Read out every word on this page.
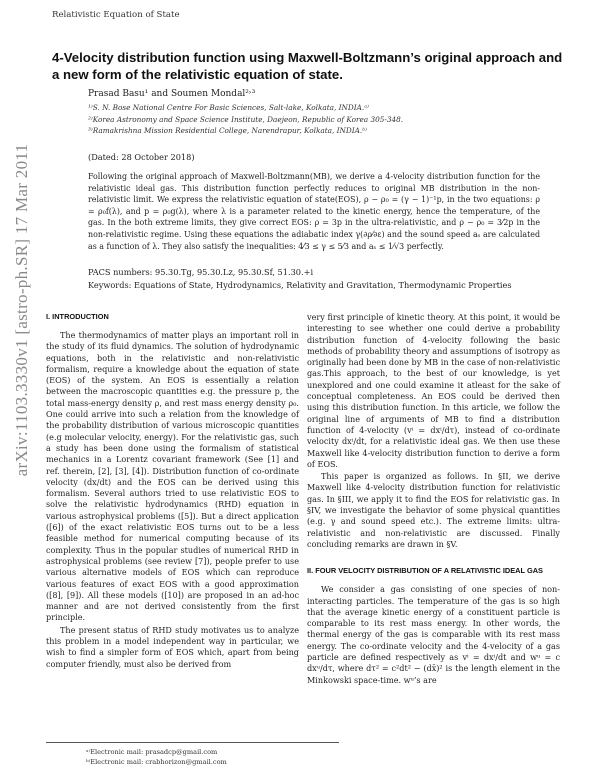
Relativistic Equation of State
arXiv:1103.3330v1 [astro-ph.SR] 17 Mar 2011
4-Velocity distribution function using Maxwell-Boltzmann’s original approach and a new form of the relativistic equation of state.
Prasad Basu¹ and Soumen Mondal²˒³
¹⁾S. N. Bose National Centre For Basic Sciences, Salt-lake, Kolkata, INDIA.ᵃ⁾
²⁾Korea Astronomy and Space Science Institute, Daejeon, Republic of Korea 305-348.
³⁾Ramakrishna Mission Residential College, Narendrapur, Kolkata, INDIA.ᵇ⁾
(Dated: 28 October 2018)

Following the original approach of Maxwell-Boltzmann(MB), we derive a 4-velocity distribution function for the relativistic ideal gas. This distribution function perfectly reduces to original MB distribution in the non-relativistic limit. We express the relativistic equation of state(EOS), ρ − ρ₀ = (γ − 1)⁻¹p, in the two equations: ρ = ρ₀f(λ), and p = ρ₀g(λ), where λ is a parameter related to the kinetic energy, hence the temperature, of the gas. In the both extreme limits, they give correct EOS: ρ = 3p in the ultra-relativistic, and ρ − ρ₀ = 3⁄2p in the non-relativistic regime. Using these equations the adiabatic index γ(∂ρ⁄∂ε) and the sound speed aₛ are calculated as a function of λ. They also satisfy the inequalities: 4⁄3 ≤ γ ≤ 5⁄3 and aₛ ≤ 1⁄√3 perfectly.

PACS numbers: 95.30.Tg, 95.30.Lz, 95.30.Sf, 51.30.+i
Keywords: Equations of State, Hydrodynamics, Relativity and Gravitation, Thermodynamic Properties
I. INTRODUCTION

The thermodynamics of matter plays an important roll in the study of its fluid dynamics. The solution of hydrodynamic equations, both in the relativistic and non-relativistic formalism, require a knowledge about the equation of state (EOS) of the system. An EOS is essentially a relation between the macroscopic quantities e.g. the pressure p, the total mass-energy density ρ, and rest mass energy density ρ₀. One could arrive into such a relation from the knowledge of the probability distribution of various microscopic quantities (e.g molecular velocity, energy). For the relativistic gas, such a study has been done using the formalism of statistical mechanics in a Lorentz covariant framework (See [1] and ref. therein, [2], [3], [4]). Distribution function of co-ordinate velocity (dx/dt) and the EOS can be derived using this formalism. Several authors tried to use relativistic EOS to solve the relativistic hydrodynamics (RHD) equation in various astrophysical problems ([5]). But a direct application ([6]) of the exact relativistic EOS turns out to be a less feasible method for numerical computing because of its complexity. Thus in the popular studies of numerical RHD in astrophysical problems (see review [7]), people prefer to use various alternative models of EOS which can reproduce various features of exact EOS with a good approximation ([8], [9]). All these models ([10]) are proposed in an ad-hoc manner and are not derived consistently from the first principle.

The present status of RHD study motivates us to analyze this problem in a model independent way in particular, we wish to find a simpler form of EOS which, apart from being computer friendly, must also be derived from

very first principle of kinetic theory. At this point, it would be interesting to see whether one could derive a probability distribution function of 4-velocity following the basic methods of probability theory and assumptions of isotropy as originally had been done by MB in the case of non-relativistic gas.This approach, to the best of our knowledge, is yet unexplored and one could examine it atleast for the sake of conceptual completeness. An EOS could be derived then using this distribution function. In this article, we follow the original line of arguments of MB to find a distribution function of 4-velocity (vⁱ = dxⁱ/dτ), instead of co-ordinate velocity dxⁱ/dt, for a relativistic ideal gas. We then use these Maxwell like 4-velocity distribution function to derive a form of EOS.

This paper is organized as follows. In §II, we derive Maxwell like 4-velocity distribution function for relativistic gas. In §III, we apply it to find the EOS for relativistic gas. In §IV, we investigate the behavior of some physical quantities (e.g. γ and sound speed etc.). The extreme limits: ultra-relativistic and non-relativistic are discussed. Finally concluding remarks are drawn in §V.

II. FOUR VELOCITY DISTRIBUTION OF A RELATIVISTIC IDEAL GAS

We consider a gas consisting of one species of non-interacting particles. The temperature of the gas is so high that the average kinetic energy of a constituent particle is comparable to its rest mass energy. In other words, the thermal energy of the gas is comparable with its rest mass energy. The co-ordinate velocity and the 4-velocity of a gas particle are defined respectively as vⁱ = dxⁱ/dt and wᵘ = c dxᵘ/dτ, where dτ² = c²dt² − (dx̄)² is the length element in the Minkowski space-time. wᵘ’s are

ᵃ⁾Electronic mail: prasadcp@gmail.com
ᵇ⁾Electronic mail: crabhorizon@gmail.com
